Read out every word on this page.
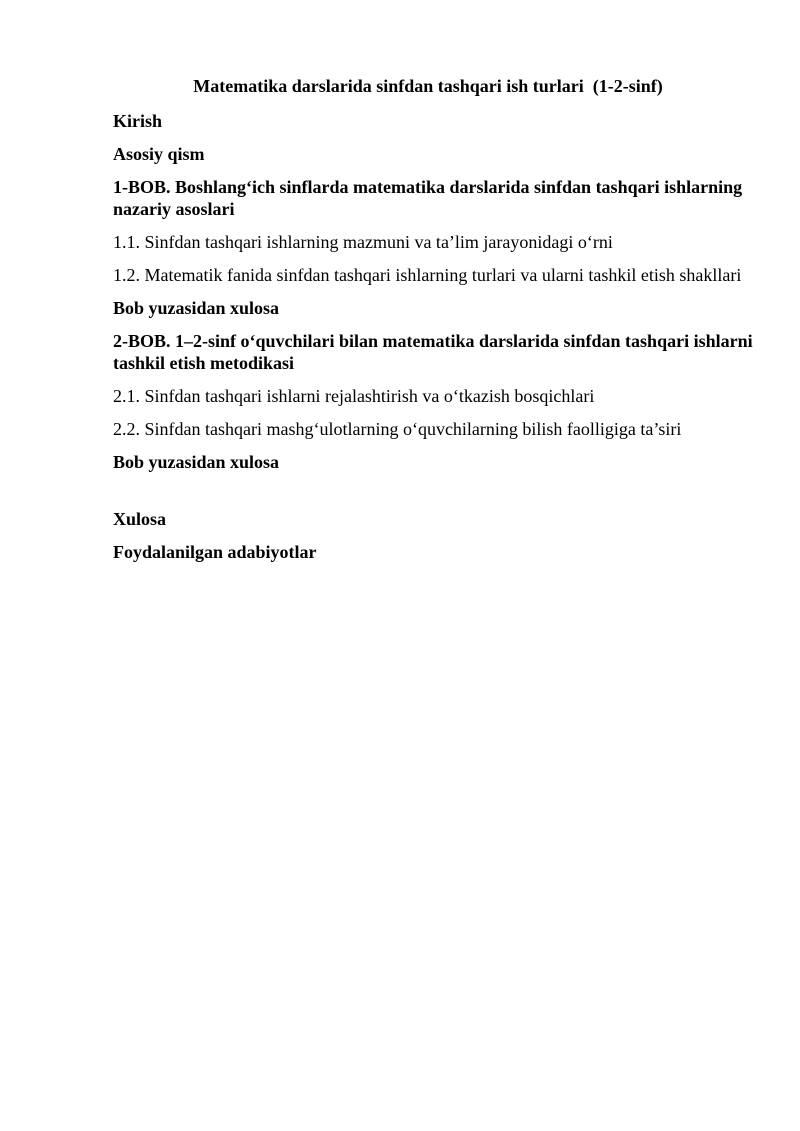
Matematika darslarida sinfdan tashqari ish turlari  (1-2-sinf)
Kirish
Asosiy qism
1-BOB. Boshlang‘ich sinflarda matematika darslarida sinfdan tashqari ishlarning nazariy asoslari
1.1. Sinfdan tashqari ishlarning mazmuni va ta’lim jarayonidagi o‘rni
1.2. Matematik fanida sinfdan tashqari ishlarning turlari va ularni tashkil etish shakllari
Bob yuzasidan xulosa
2-BOB. 1–2-sinf o‘quvchilari bilan matematika darslarida sinfdan tashqari ishlarni tashkil etish metodikasi
2.1. Sinfdan tashqari ishlarni rejalashtirish va o‘tkazish bosqichlari
2.2. Sinfdan tashqari mashg‘ulotlarning o‘quvchilarning bilish faolligiga ta’siri
Bob yuzasidan xulosa
Xulosa
Foydalanilgan adabiyotlar
